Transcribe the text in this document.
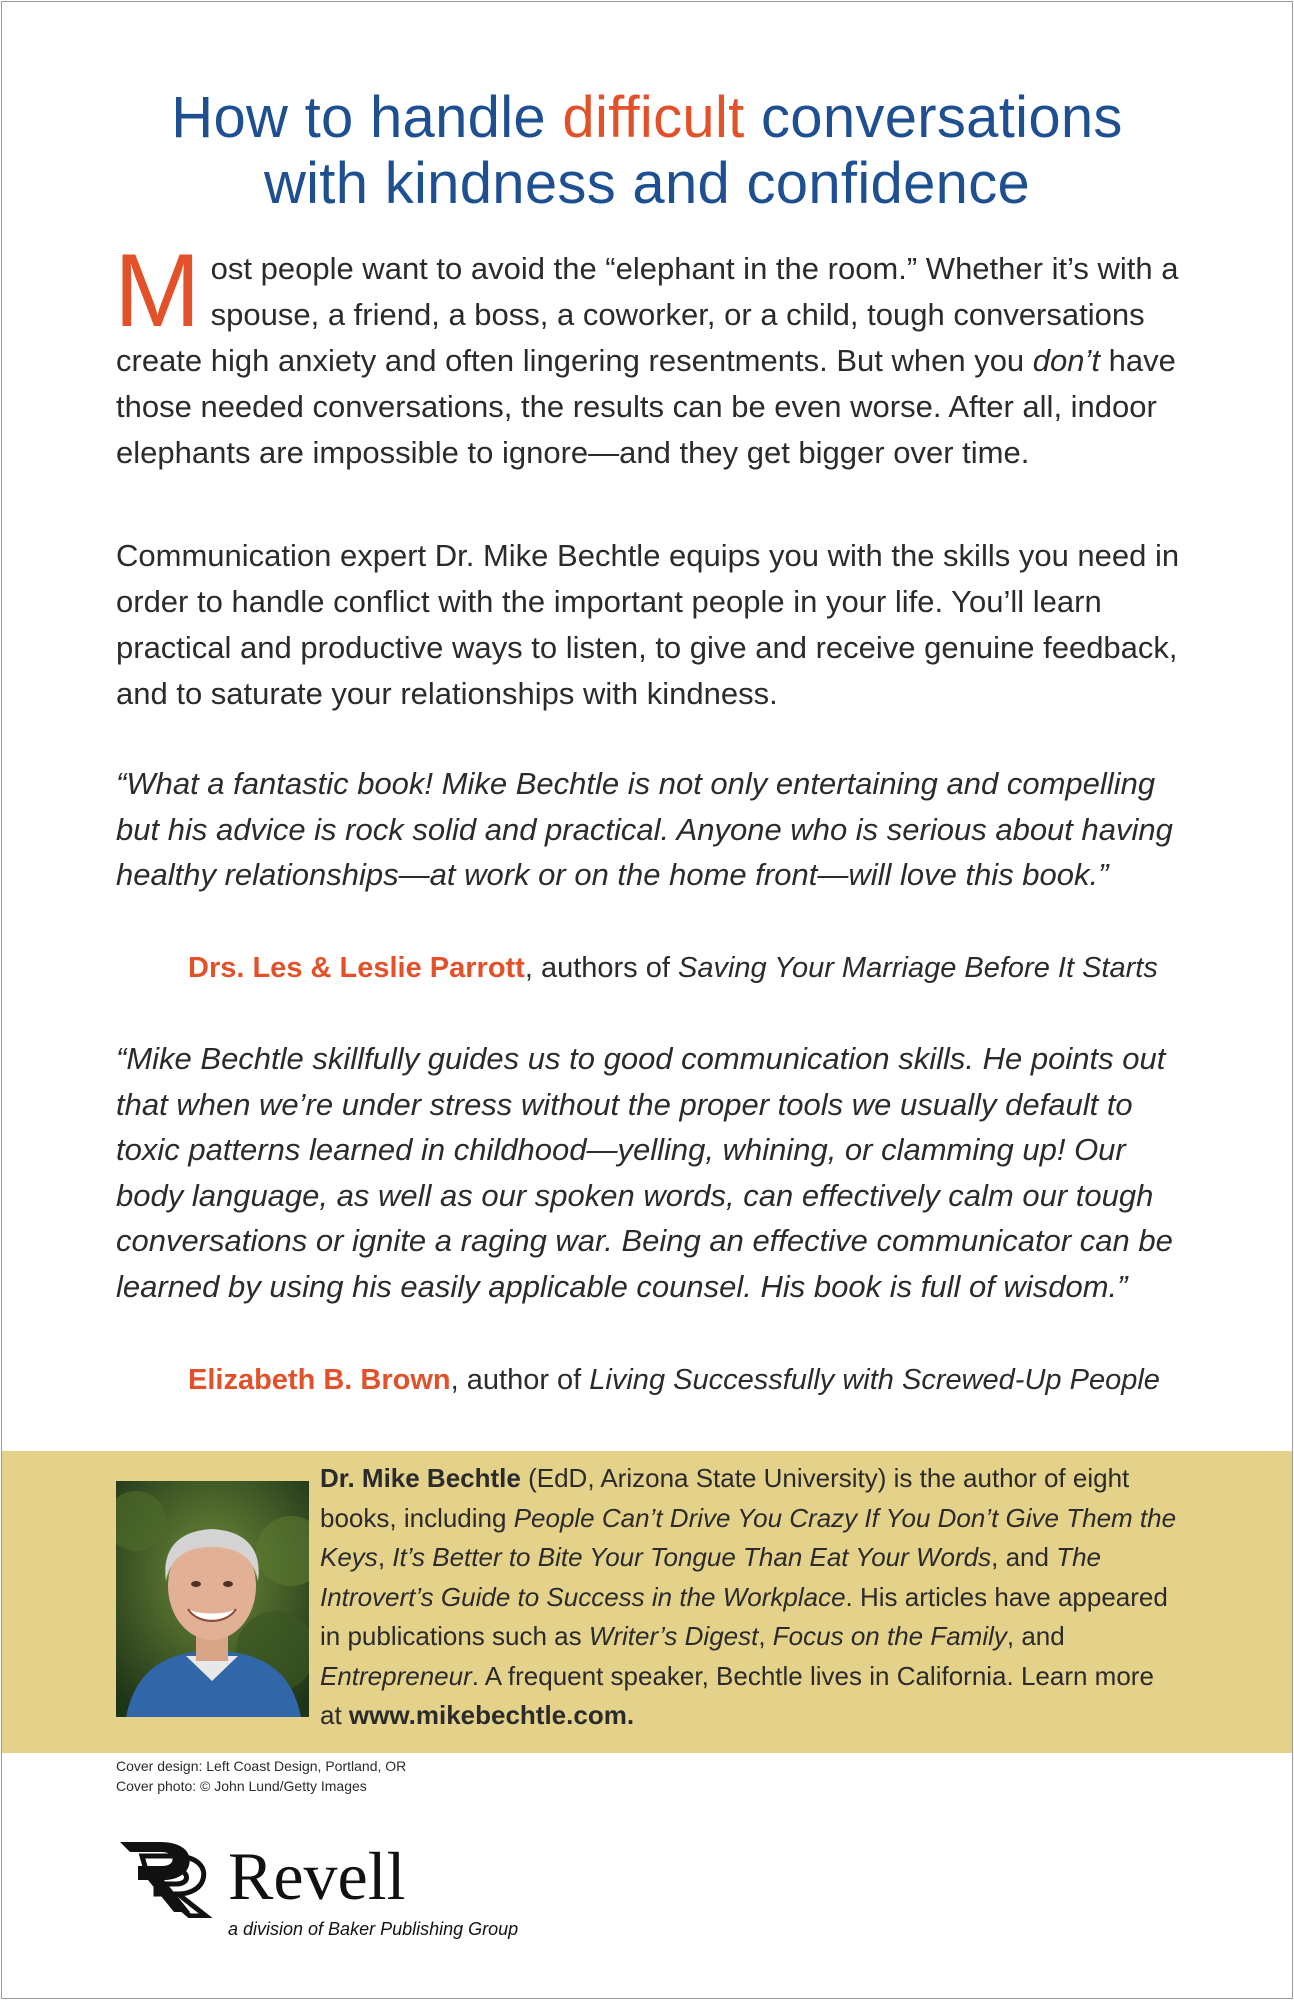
How to handle difficult conversations
with kindness and confidence
Most people want to avoid the “elephant in the room.” Whether it’s with a spouse, a friend, a boss, a coworker, or a child, tough conversations create high anxiety and often lingering resentments. But when you don’t have those needed conversations, the results can be even worse. After all, indoor elephants are impossible to ignore—and they get bigger over time.
Communication expert Dr. Mike Bechtle equips you with the skills you need in order to handle conflict with the important people in your life. You’ll learn practical and productive ways to listen, to give and receive genuine feedback, and to saturate your relationships with kindness.
“What a fantastic book! Mike Bechtle is not only entertaining and compelling but his advice is rock solid and practical. Anyone who is serious about having healthy relationships—at work or on the home front—will love this book.”
Drs. Les & Leslie Parrott, authors of Saving Your Marriage Before It Starts
“Mike Bechtle skillfully guides us to good communication skills. He points out that when we’re under stress without the proper tools we usually default to toxic patterns learned in childhood—yelling, whining, or clamming up! Our body language, as well as our spoken words, can effectively calm our tough conversations or ignite a raging war. Being an effective communicator can be learned by using his easily applicable counsel. His book is full of wisdom.”
Elizabeth B. Brown, author of Living Successfully with Screwed-Up People
Dr. Mike Bechtle (EdD, Arizona State University) is the author of eight books, including People Can’t Drive You Crazy If You Don’t Give Them the Keys, It’s Better to Bite Your Tongue Than Eat Your Words, and The Introvert’s Guide to Success in the Workplace. His articles have appeared in publications such as Writer’s Digest, Focus on the Family, and Entrepreneur. A frequent speaker, Bechtle lives in California. Learn more at www.mikebechtle.com.
Cover design: Left Coast Design, Portland, OR
Cover photo: © John Lund/Getty Images
Revell
a division of Baker Publishing Group
